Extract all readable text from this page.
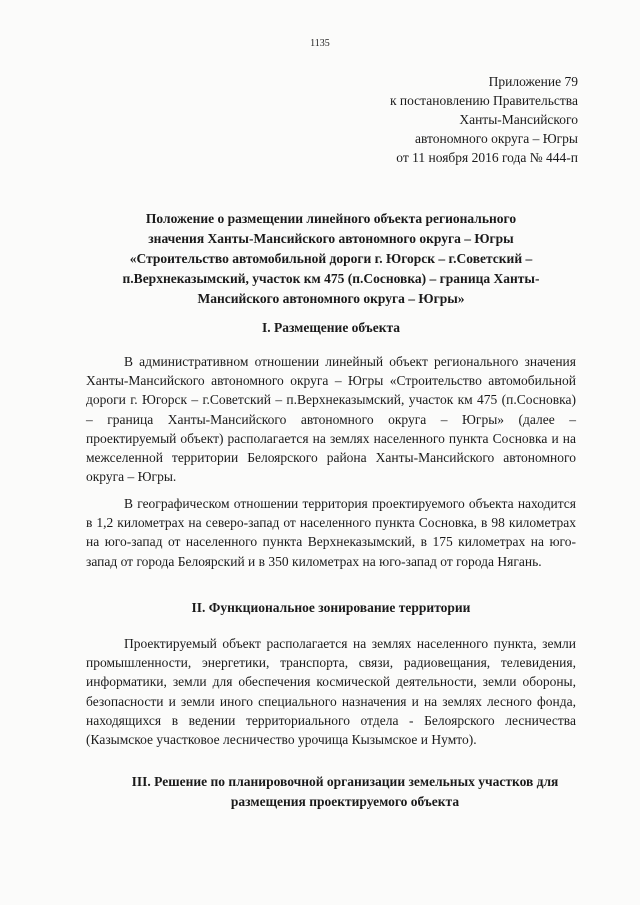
1135
Приложение 79
к постановлению Правительства
Ханты-Мансийского
автономного округа – Югры
от 11 ноября 2016 года № 444-п
Положение о размещении линейного объекта регионального
значения Ханты-Мансийского автономного округа – Югры
«Строительство автомобильной дороги г. Югорск – г.Советский –
п.Верхнеказымский, участок км 475 (п.Сосновка) – граница Ханты-
Мансийского автономного округа – Югры»
I. Размещение объекта

В административном отношении линейный объект регионального значения Ханты-Мансийского автономного округа – Югры «Строительство автомобильной дороги г. Югорск – г.Советский – п.Верхнеказымский, участок км 475 (п.Сосновка) – граница Ханты-Мансийского автономного округа – Югры» (далее – проектируемый объект) располагается на землях населенного пункта Сосновка и на межселенной территории Белоярского района Ханты-Мансийского автономного округа – Югры.

В географическом отношении территория проектируемого объекта находится в 1,2 километрах на северо-запад от населенного пункта Сосновка, в 98 километрах на юго-запад от населенного пункта Верхнеказымский, в 175 километрах на юго-запад от города Белоярский и в 350 километрах на юго-запад от города Нягань.

II. Функциональное зонирование территории

Проектируемый объект располагается на землях населенного пункта, земли промышленности, энергетики, транспорта, связи, радиовещания, телевидения, информатики, земли для обеспечения космической деятельности, земли обороны, безопасности и земли иного специального назначения и на землях лесного фонда, находящихся в ведении территориального отдела - Белоярского лесничества (Казымское участковое лесничество урочища Кызымское и Нумто).

III. Решение по планировочной организации земельных участков для размещения проектируемого объекта
